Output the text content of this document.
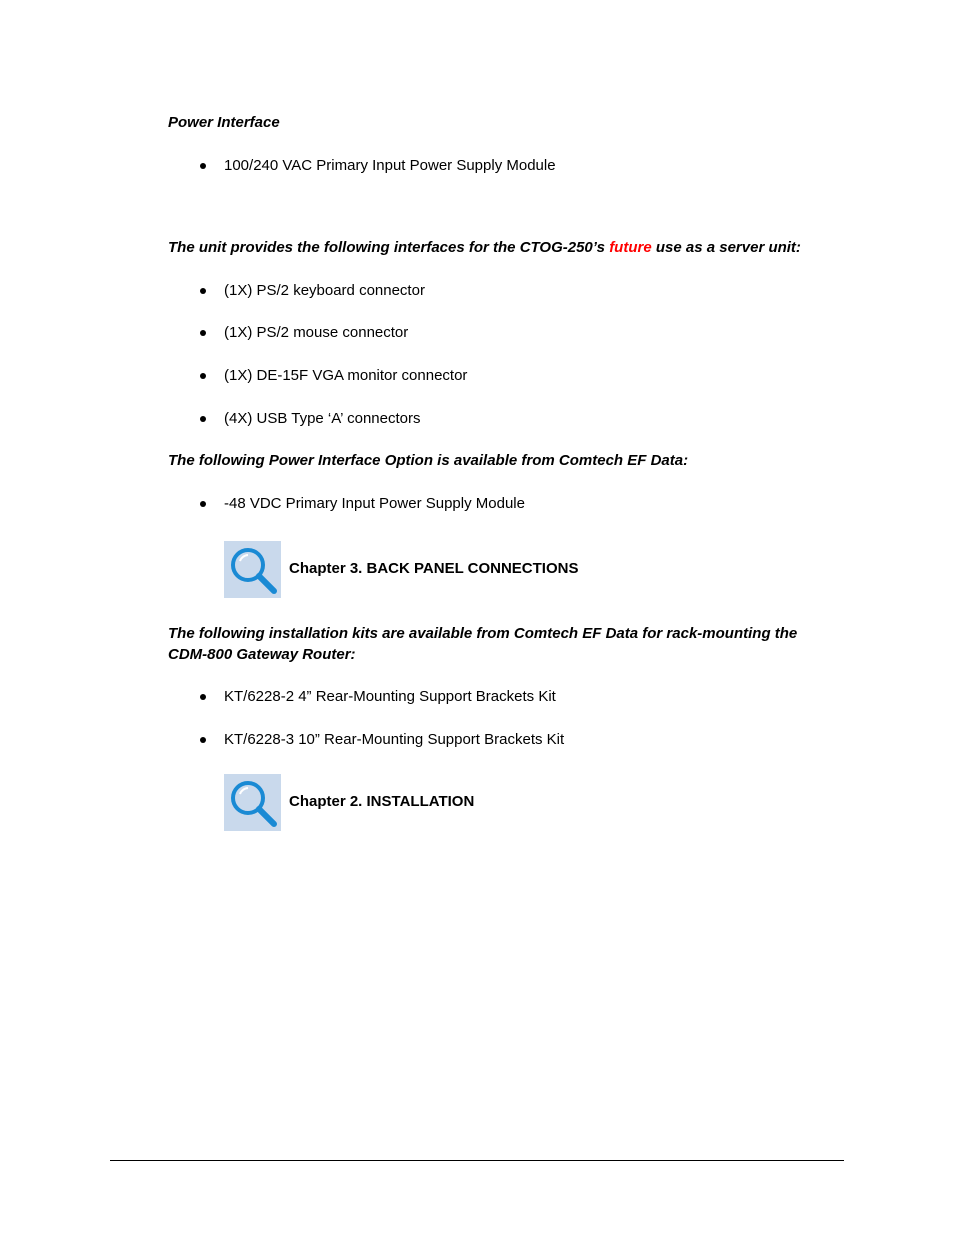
Power Interface
100/240 VAC Primary Input Power Supply Module
The unit provides the following interfaces for the CTOG-250’s future use as a server unit:
(1X) PS/2 keyboard connector
(1X) PS/2 mouse connector
(1X) DE-15F VGA monitor connector
(4X) USB Type ‘A’ connectors
The following Power Interface Option is available from Comtech EF Data:
-48 VDC Primary Input Power Supply Module
Chapter 3. BACK PANEL CONNECTIONS
The following installation kits are available from Comtech EF Data for rack-mounting the
CDM-800 Gateway Router:
KT/6228-2 4” Rear-Mounting Support Brackets Kit
KT/6228-3 10” Rear-Mounting Support Brackets Kit
Chapter 2. INSTALLATION
